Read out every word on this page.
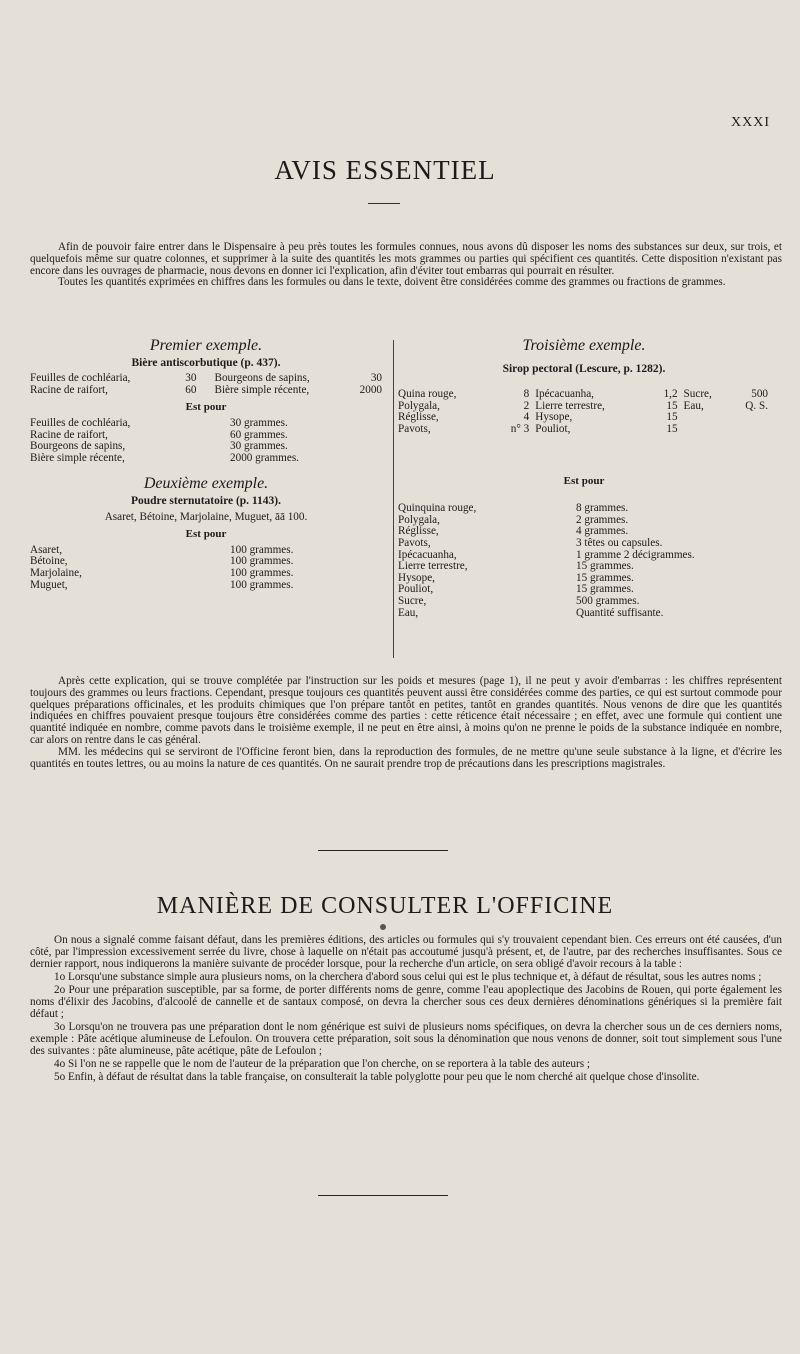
XXXI
AVIS ESSENTIEL

Afin de pouvoir faire entrer dans le Dispensaire à peu près toutes les formules connues, nous avons dû disposer les noms des substances sur deux, sur trois, et quelquefois même sur quatre colonnes, et supprimer à la suite des quantités les mots grammes ou parties qui spécifient ces quantités. Cette disposition n'existant pas encore dans les ouvrages de pharmacie, nous devons en donner ici l'explication, afin d'éviter tout embarras qui pourrait en résulter.

Toutes les quantités exprimées en chiffres dans les formules ou dans le texte, doivent être considérées comme des grammes ou fractions de grammes.

Premier exemple.
Bière antiscorbutique (p. 437).
Feuilles de cochléaria,	30	Bourgeons de sapins,	30
Racine de raifort,	60	Bière simple récente,	2000
Est pour
Feuilles de cochléaria,	30 grammes.
Racine de raifort,	60 grammes.
Bourgeons de sapins,	30 grammes.
Bière simple récente,	2000 grammes.
Deuxième exemple.
Poudre sternutatoire (p. 1143).
Asaret, Bétoine, Marjolaine, Muguet, āā 100.
Est pour
Asaret,	100 grammes.
Bétoine,	100 grammes.
Marjolaine,	100 grammes.
Muguet,	100 grammes.
Troisième exemple.
Sirop pectoral (Lescure, p. 1282).
Quina rouge,	8	Ipécacuanha,	1,2	Sucre,	500
Polygala,	2	Lierre terrestre,	15	Eau,	Q. S.
Réglisse,	4	Hysope,	15		
Pavots,	n° 3	Pouliot,	15		
Est pour
Quinquina rouge,	8 grammes.
Polygala,	2 grammes.
Réglisse,	4 grammes.
Pavots,	3 têtes ou capsules.
Ipécacuanha,	1 gramme 2 décigrammes.
Lierre terrestre,	15 grammes.
Hysope,	15 grammes.
Pouliot,	15 grammes.
Sucre,	500 grammes.
Eau,	Quantité suffisante.

Après cette explication, qui se trouve complétée par l'instruction sur les poids et mesures (page 1), il ne peut y avoir d'embarras : les chiffres représentent toujours des grammes ou leurs fractions. Cependant, presque toujours ces quantités peuvent aussi être considérées comme des parties, ce qui est surtout commode pour quelques préparations officinales, et les produits chimiques que l'on prépare tantôt en petites, tantôt en grandes quantités. Nous venons de dire que les quantités indiquées en chiffres pouvaient presque toujours être considérées comme des parties : cette réticence était nécessaire ; en effet, avec une formule qui contient une quantité indiquée en nombre, comme pavots dans le troisième exemple, il ne peut en être ainsi, à moins qu'on ne prenne le poids de la substance indiquée en nombre, car alors on rentre dans le cas général.

MM. les médecins qui se serviront de l'Officine feront bien, dans la reproduction des formules, de ne mettre qu'une seule substance à la ligne, et d'écrire les quantités en toutes lettres, ou au moins la nature de ces quantités. On ne saurait prendre trop de précautions dans les prescriptions magistrales.

MANIÈRE DE CONSULTER L'OFFICINE

On nous a signalé comme faisant défaut, dans les premières éditions, des articles ou formules qui s'y trouvaient cependant bien. Ces erreurs ont été causées, d'un côté, par l'impression excessivement serrée du livre, chose à laquelle on n'était pas accoutumé jusqu'à présent, et, de l'autre, par des recherches insuffisantes. Sous ce dernier rapport, nous indiquerons la manière suivante de procéder lorsque, pour la recherche d'un article, on sera obligé d'avoir recours à la table :

1o Lorsqu'une substance simple aura plusieurs noms, on la cherchera d'abord sous celui qui est le plus technique et, à défaut de résultat, sous les autres noms ;

2o Pour une préparation susceptible, par sa forme, de porter différents noms de genre, comme l'eau apoplectique des Jacobins de Rouen, qui porte également les noms d'élixir des Jacobins, d'alcoolé de cannelle et de santaux composé, on devra la chercher sous ces deux dernières dénominations génériques si la première fait défaut ;

3o Lorsqu'on ne trouvera pas une préparation dont le nom générique est suivi de plusieurs noms spécifiques, on devra la chercher sous un de ces derniers noms, exemple : Pâte acétique alumineuse de Lefoulon. On trouvera cette préparation, soit sous la dénomination que nous venons de donner, soit tout simplement sous l'une des suivantes : pâte alumineuse, pâte acétique, pâte de Lefoulon ;

4o Si l'on ne se rappelle que le nom de l'auteur de la préparation que l'on cherche, on se reportera à la table des auteurs ;

5o Enfin, à défaut de résultat dans la table française, on consulterait la table polyglotte pour peu que le nom cherché ait quelque chose d'insolite.
